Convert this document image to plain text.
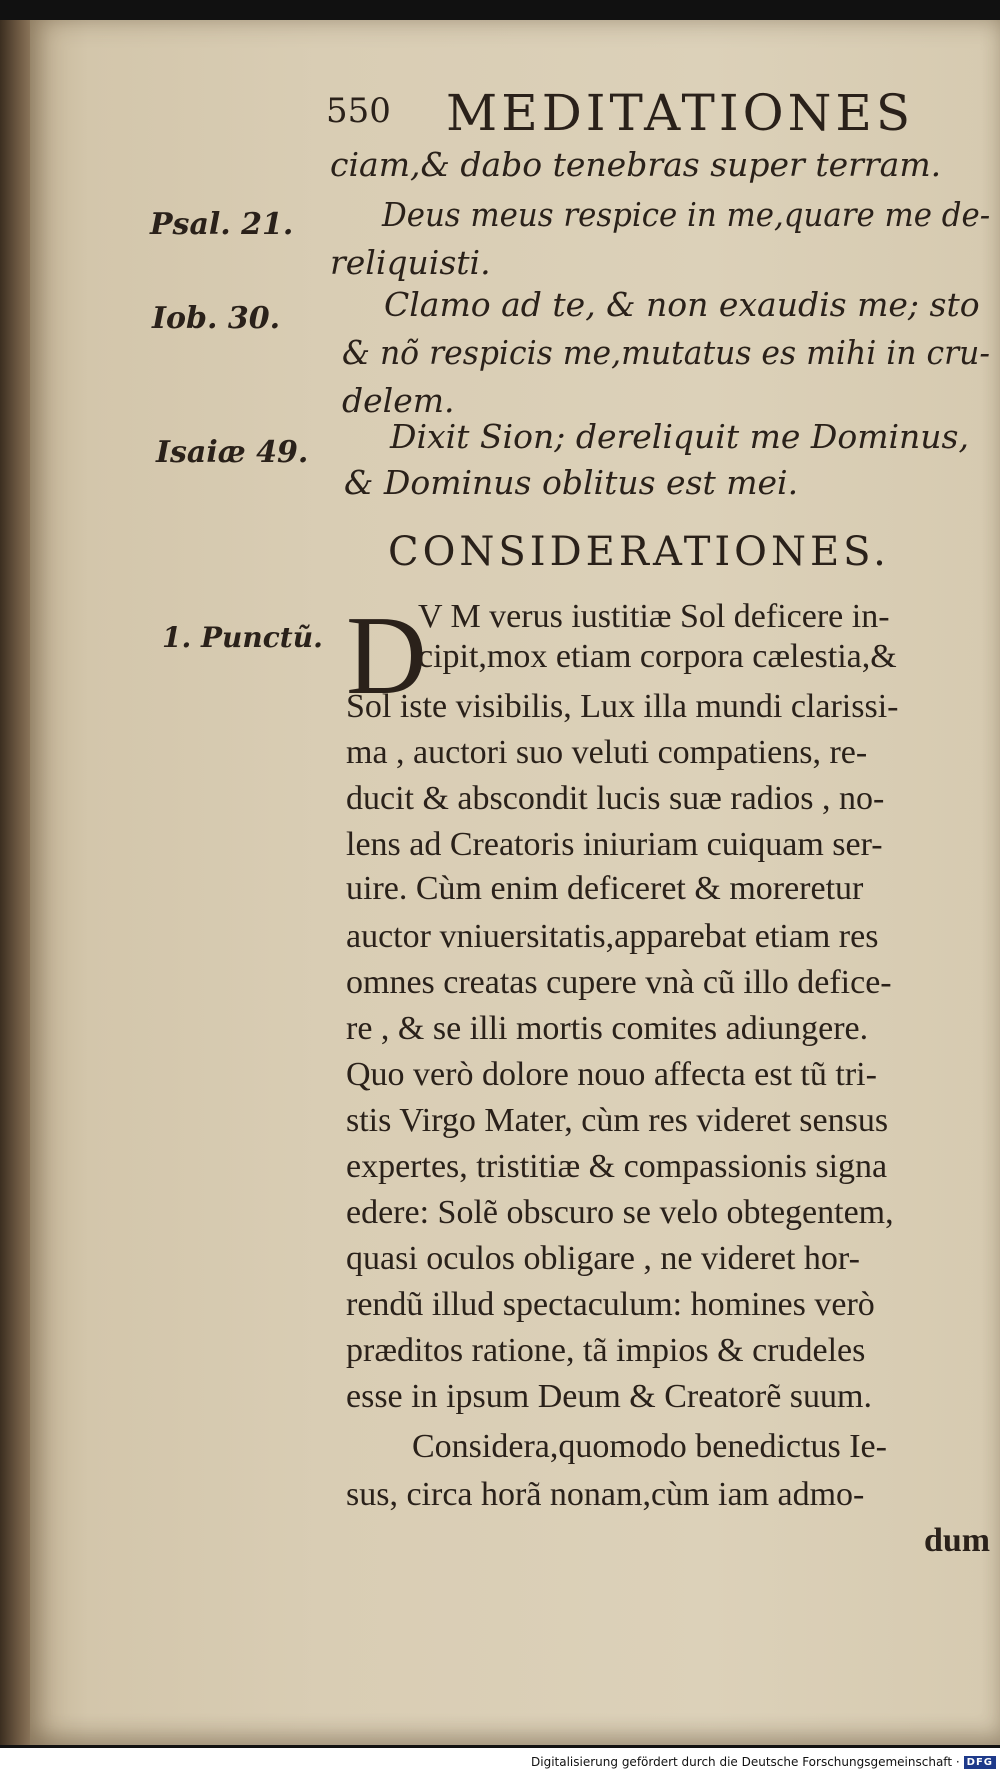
550 MEDITATIONES
ciam,& dabo tenebras super terram.
Deus meus respice in me,quare me de-
reliquisti.
Clamo ad te, & non exaudis me; sto
& nõ respicis me,mutatus es mihi in cru-
delem.
Dixit Sion; dereliquit me Dominus,
& Dominus oblitus est mei.
Psal. 21.
Iob. 30.
Isaiæ 49.
CONSIDERATIONES.
1. Punctũ. D
V M verus iustitiæ Sol deficere in-
cipit,mox etiam corpora cælestia,&
Sol iste visibilis, Lux illa mundi clarissi-
ma , auctori suo veluti compatiens, re-
ducit & abscondit lucis suæ radios , no-
lens ad Creatoris iniuriam cuiquam ser-
uire. Cùm enim deficeret & moreretur
auctor vniuersitatis,apparebat etiam res
omnes creatas cupere vnà cũ illo defice-
re , & se illi mortis comites adiungere.
Quo verò dolore nouo affecta est tũ tri-
stis Virgo Mater, cùm res videret sensus
expertes, tristitiæ & compassionis signa
edere: Solẽ obscuro se velo obtegentem,
quasi oculos obligare , ne videret hor-
rendũ illud spectaculum: homines verò
præditos ratione, tã impios & crudeles
esse in ipsum Deum & Creatorẽ suum.
Considera,quomodo benedictus Ie-
sus, circa horã nonam,cùm iam admo-
dum
Digitalisierung gefördert durch die Deutsche Forschungsgemeinschaft · DFG
